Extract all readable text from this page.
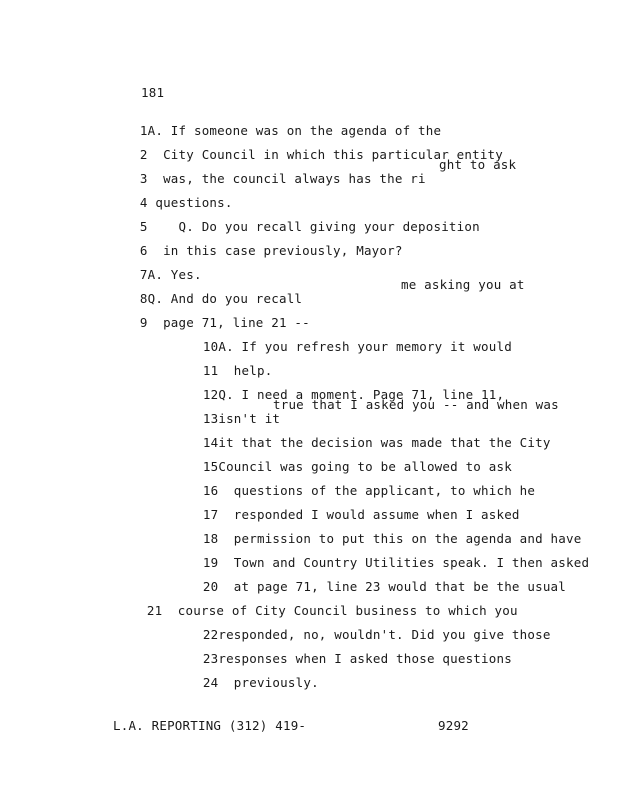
181

1A. If someone was on the agenda of the

2  City Council in which this particular entity

3  was, the council always has the ri

ght to ask

4 questions.

5    Q. Do you recall giving your deposition

6  in this case previously, Mayor?

7A. Yes.

8Q. And do you recall

me asking you at

9  page 71, line 21 --

10A. If you refresh your memory it would

11  help.

12Q. I need a moment. Page 71, line 11,

13isn't it

true that I asked you -- and when was

14it that the decision was made that the City

15Council was going to be allowed to ask

16  questions of the applicant, to which he

17  responded I would assume when I asked

18  permission to put this on the agenda and have

19  Town and Country Utilities speak. I then asked

20  at page 71, line 23 would that be the usual

21  course of City Council business to which you

22responded, no, wouldn't. Did you give those

23responses when I asked those questions

24  previously.

L.A. REPORTING (312) 419-

	9292
